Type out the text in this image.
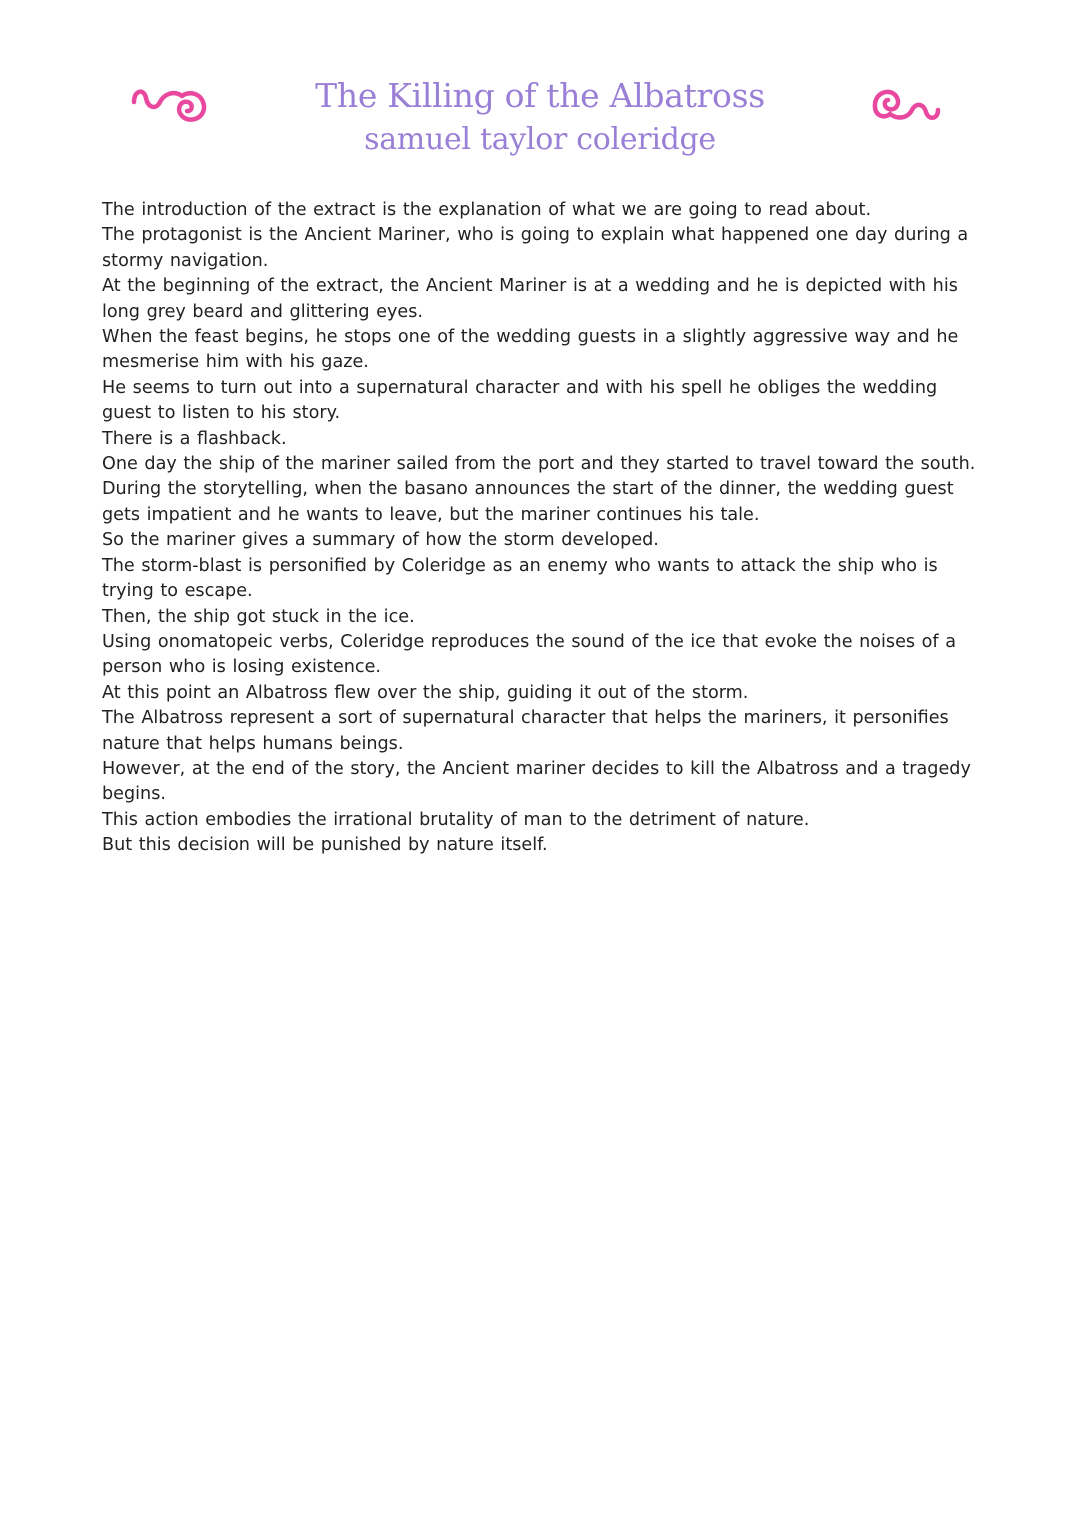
The Killing of the Albatross
samuel taylor coleridge

The introduction of the extract is the explanation of what we are going to read about.

The protagonist is the Ancient Mariner, who is going to explain what happened one day during a stormy navigation.

At the beginning of the extract, the Ancient Mariner is at a wedding and he is depicted with his long grey beard and glittering eyes.

When the feast begins, he stops one of the wedding guests in a slightly aggressive way and he mesmerise him with his gaze.

He seems to turn out into a supernatural character and with his spell he obliges the wedding guest to listen to his story.

There is a flashback.

One day the ship of the mariner sailed from the port and they started to travel toward the south.

During the storytelling, when the basano announces the start of the dinner, the wedding guest gets impatient and he wants to leave, but the mariner continues his tale.

So the mariner gives a summary of how the storm developed.

The storm-blast is personified by Coleridge as an enemy who wants to attack the ship who is trying to escape.

Then, the ship got stuck in the ice.

Using onomatopeic verbs, Coleridge reproduces the sound of the ice that evoke the noises of a person who is losing existence.

At this point an Albatross flew over the ship, guiding it out of the storm.

The Albatross represent a sort of supernatural character that helps the mariners, it personifies nature that helps humans beings.

However, at the end of the story, the Ancient mariner decides to kill the Albatross and a tragedy begins.

This action embodies the irrational brutality of man to the detriment of nature.

But this decision will be punished by nature itself.
